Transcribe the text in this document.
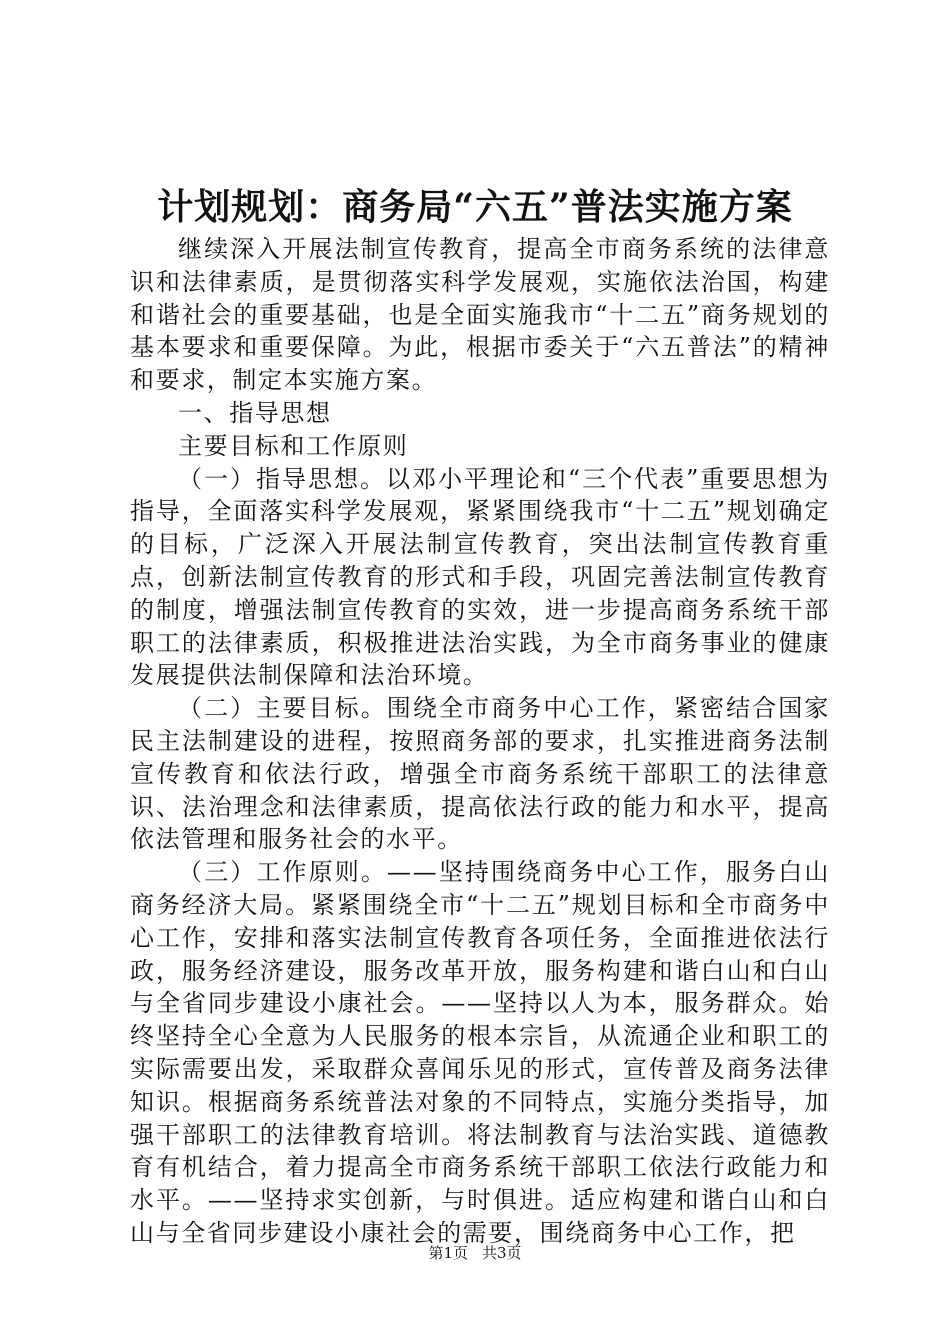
计划规划：商务局“六五”普法实施方案

继续深入开展法制宣传教育，提高全市商务系统的法律意识和法律素质，是贯彻落实科学发展观，实施依法治国，构建和谐社会的重要基础，也是全面实施我市“十二五”商务规划的基本要求和重要保障。为此，根据市委关于“六五普法”的精神和要求，制定本实施方案。

一、指导思想

主要目标和工作原则

（一）指导思想。以邓小平理论和“三个代表”重要思想为指导，全面落实科学发展观，紧紧围绕我市“十二五”规划确定的目标，广泛深入开展法制宣传教育，突出法制宣传教育重点，创新法制宣传教育的形式和手段，巩固完善法制宣传教育的制度，增强法制宣传教育的实效，进一步提高商务系统干部职工的法律素质，积极推进法治实践，为全市商务事业的健康发展提供法制保障和法治环境。

（二）主要目标。围绕全市商务中心工作，紧密结合国家民主法制建设的进程，按照商务部的要求，扎实推进商务法制宣传教育和依法行政，增强全市商务系统干部职工的法律意识、法治理念和法律素质，提高依法行政的能力和水平，提高依法管理和服务社会的水平。

（三）工作原则。——坚持围绕商务中心工作，服务白山商务经济大局。紧紧围绕全市“十二五”规划目标和全市商务中心工作，安排和落实法制宣传教育各项任务，全面推进依法行政，服务经济建设，服务改革开放，服务构建和谐白山和白山与全省同步建设小康社会。——坚持以人为本，服务群众。始终坚持全心全意为人民服务的根本宗旨，从流通企业和职工的实际需要出发，采取群众喜闻乐见的形式，宣传普及商务法律知识。根据商务系统普法对象的不同特点，实施分类指导，加强干部职工的法律教育培训。将法制教育与法治实践、道德教育有机结合，着力提高全市商务系统干部职工依法行政能力和水平。——坚持求实创新，与时俱进。适应构建和谐白山和白山与全省同步建设小康社会的需要，围绕商务中心工作，把

第1页 共3页
